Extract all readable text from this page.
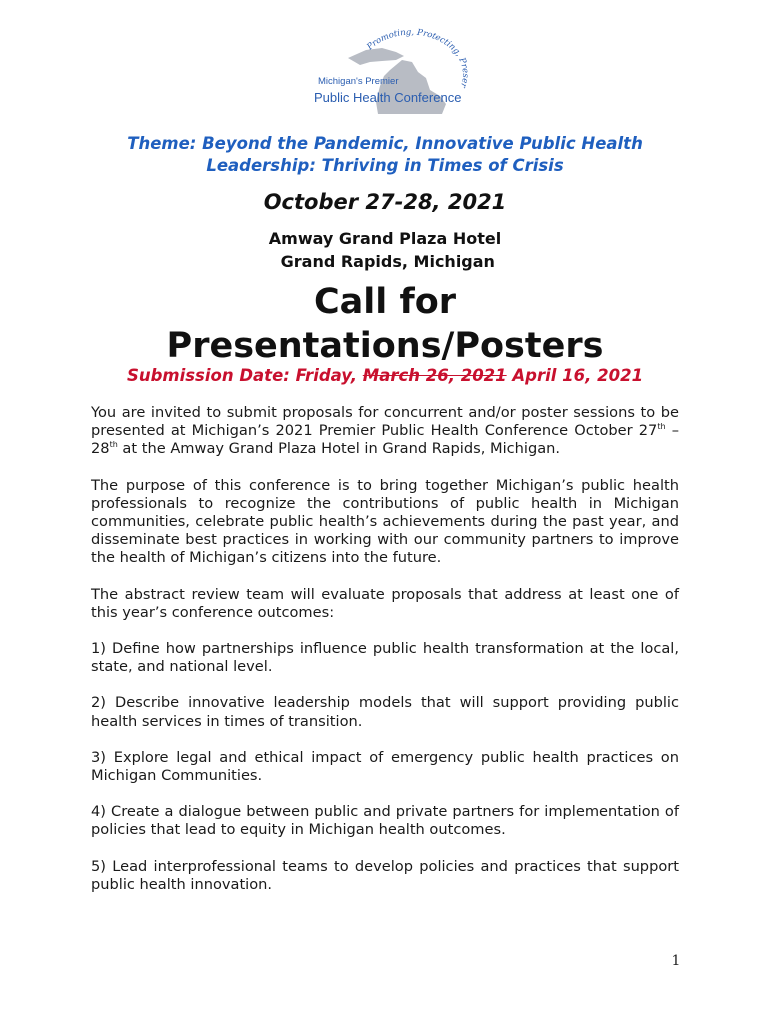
Promoting, Protecting, P r
Michigan's Premier
Public Health Conference
Theme: Beyond the Pandemic, Innovative Public Health
Leadership: Thriving in Times of Crisis
October 27-28, 2021
Amway Grand Plaza Hotel
Grand Rapids, Michigan
Call for
Presentations/Posters
Submission Date: Friday, March 26, 2021 April 16, 2021

You are invited to submit proposals for concurrent and/or poster sessions to be presented at Michigan’s 2021 Premier Public Health Conference October 27th – 28th at the Amway Grand Plaza Hotel in Grand Rapids, Michigan.

The purpose of this conference is to bring together Michigan’s public health professionals to recognize the contributions of public health in Michigan communities, celebrate public health’s achievements during the past year, and disseminate best practices in working with our community partners to improve the health of Michigan’s citizens into the future.

The abstract review team will evaluate proposals that address at least one of this year’s conference outcomes:

1) Define how partnerships influence public health transformation at the local, state, and national level.

2) Describe innovative leadership models that will support providing public health services in times of transition.

3) Explore legal and ethical impact of emergency public health practices on Michigan Communities.

4) Create a dialogue between public and private partners for implementation of policies that lead to equity in Michigan health outcomes.

5) Lead interprofessional teams to develop policies and practices that support public health innovation.

1
